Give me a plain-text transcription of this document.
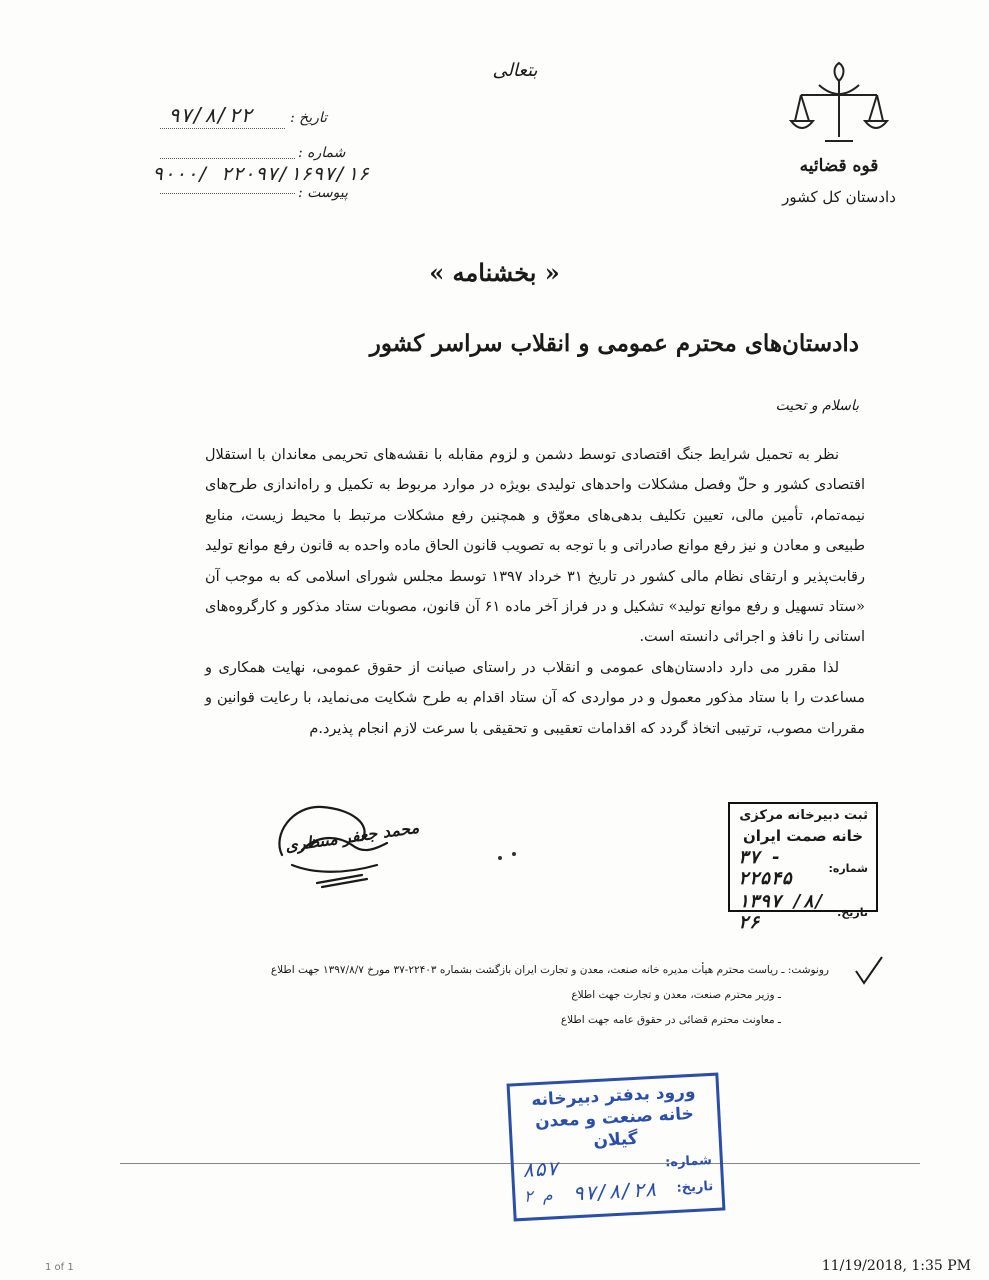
قوه قضائیه
دادستان کل کشور
بتعالی
تاریخ :
۹۷/۸/۲۲
شماره :
۹۰۰۰/ ۲۲۰۹۷/۱۶۹۷/۱۶
پیوست :
« بخشنامه »
دادستان‌های محترم عمومی و انقلاب سراسر کشور
باسلام و تحیت

نظر به تحمیل شرایط جنگ اقتصادی توسط دشمن و لزوم مقابله با نقشه‌های تحریمی معاندان با استقلال اقتصادی کشور و حلّ وفصل مشکلات واحدهای تولیدی بویژه در موارد مربوط به تکمیل و راه‌اندازی طرح‌های نیمه‌تمام، تأمین مالی، تعیین تکلیف بدهی‌های معوّق و همچنین رفع مشکلات مرتبط با محیط زیست، منابع طبیعی و معادن و نیز رفع موانع صادراتی و با توجه به تصویب قانون الحاق ماده واحده به قانون رفع موانع تولید رقابت‌پذیر و ارتقای نظام مالی کشور در تاریخ ۳۱ خرداد ۱۳۹۷ توسط مجلس شورای اسلامی که به موجب آن «ستاد تسهیل و رفع موانع تولید» تشکیل و در فراز آخر ماده ۶۱ آن قانون، مصوبات ستاد مذکور و کارگروه‌های استانی را نافذ و اجرائی دانسته است.

لذا مقرر می دارد دادستان‌های عمومی و انقلاب در راستای صیانت از حقوق عمومی، نهایت همکاری و مساعدت را با ستاد مذکور معمول و در مواردی که آن ستاد اقدام به طرح شکایت می‌نماید، با رعایت قوانین و مقررات مصوب، ترتیبی اتخاذ گردد که اقدامات تعقیبی و تحقیقی با سرعت لازم انجام پذیرد.م

محمد جعفر منتظری
ثبت دبیرخانه مرکزی
خانه صمت ایران
شماره:
۳۷ - ۲۲۵۴۵
تاریخ:
۱۳۹۷ /۸/ ۲۶
رونوشت: ـ ریاست محترم هیأت مدیره خانه صنعت، معدن و تجارت ایران بازگشت بشماره ۲۲۴۰۳-۳۷ مورخ ۱۳۹۷/۸/۷ جهت اطلاع
ـ وزیر محترم صنعت، معدن و تجارت جهت اطلاع
ـ معاونت محترم قضائی در حقوق عامه جهت اطلاع
ورود بدفتر دبیرخانه
خانه صنعت و معدن گیلان
شماره:
۸۵۷
تاریخ:
۹۷/۸/۲۸
م ۲
1 of 1	11/19/2018, 1:35 PM
